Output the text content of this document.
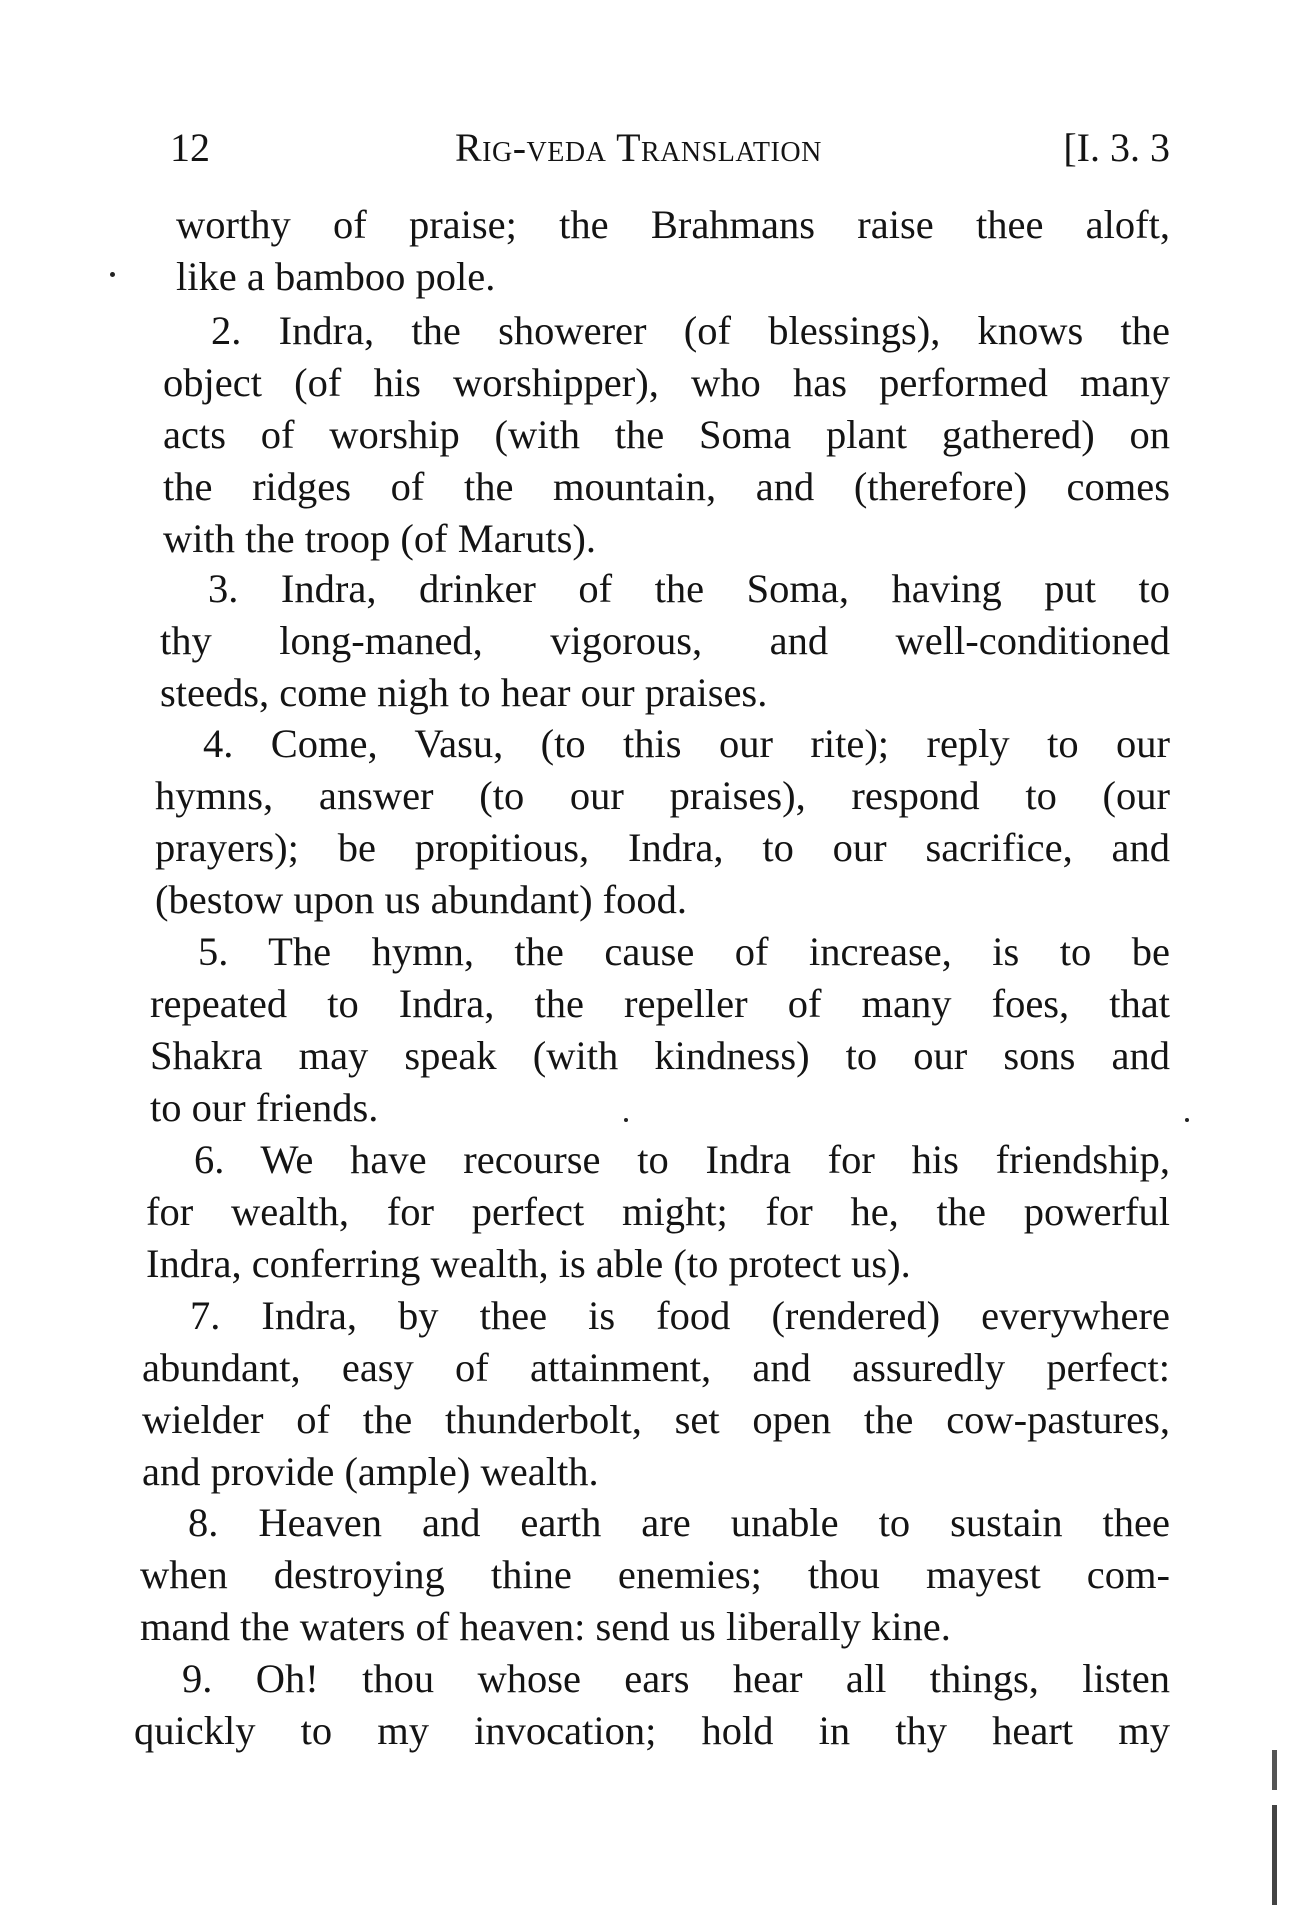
12	Rig-veda Translation	[I. 3. 3
worthy of praise; the Brahmans raise thee aloft,
like a bamboo pole.
2. Indra, the showerer (of blessings), knows the
object (of his worshipper), who has performed many
acts of worship (with the Soma plant gathered) on
the ridges of the mountain, and (therefore) comes
with the troop (of Maruts).
3. Indra, drinker of the Soma, having put to
thy long-maned, vigorous, and well-conditioned
steeds, come nigh to hear our praises.
4. Come, Vasu, (to this our rite); reply to our
hymns, answer (to our praises), respond to (our
prayers); be propitious, Indra, to our sacrifice, and
(bestow upon us abundant) food.
5. The hymn, the cause of increase, is to be
repeated to Indra, the repeller of many foes, that
Shakra may speak (with kindness) to our sons and
to our friends.
6. We have recourse to Indra for his friendship,
for wealth, for perfect might; for he, the powerful
Indra, conferring wealth, is able (to protect us).
7. Indra, by thee is food (rendered) everywhere
abundant, easy of attainment, and assuredly perfect:
wielder of the thunderbolt, set open the cow-pastures,
and provide (ample) wealth.
8. Heaven and earth are unable to sustain thee
when destroying thine enemies; thou mayest com-
mand the waters of heaven: send us liberally kine.
9. Oh! thou whose ears hear all things, listen
quickly to my invocation; hold in thy heart my
